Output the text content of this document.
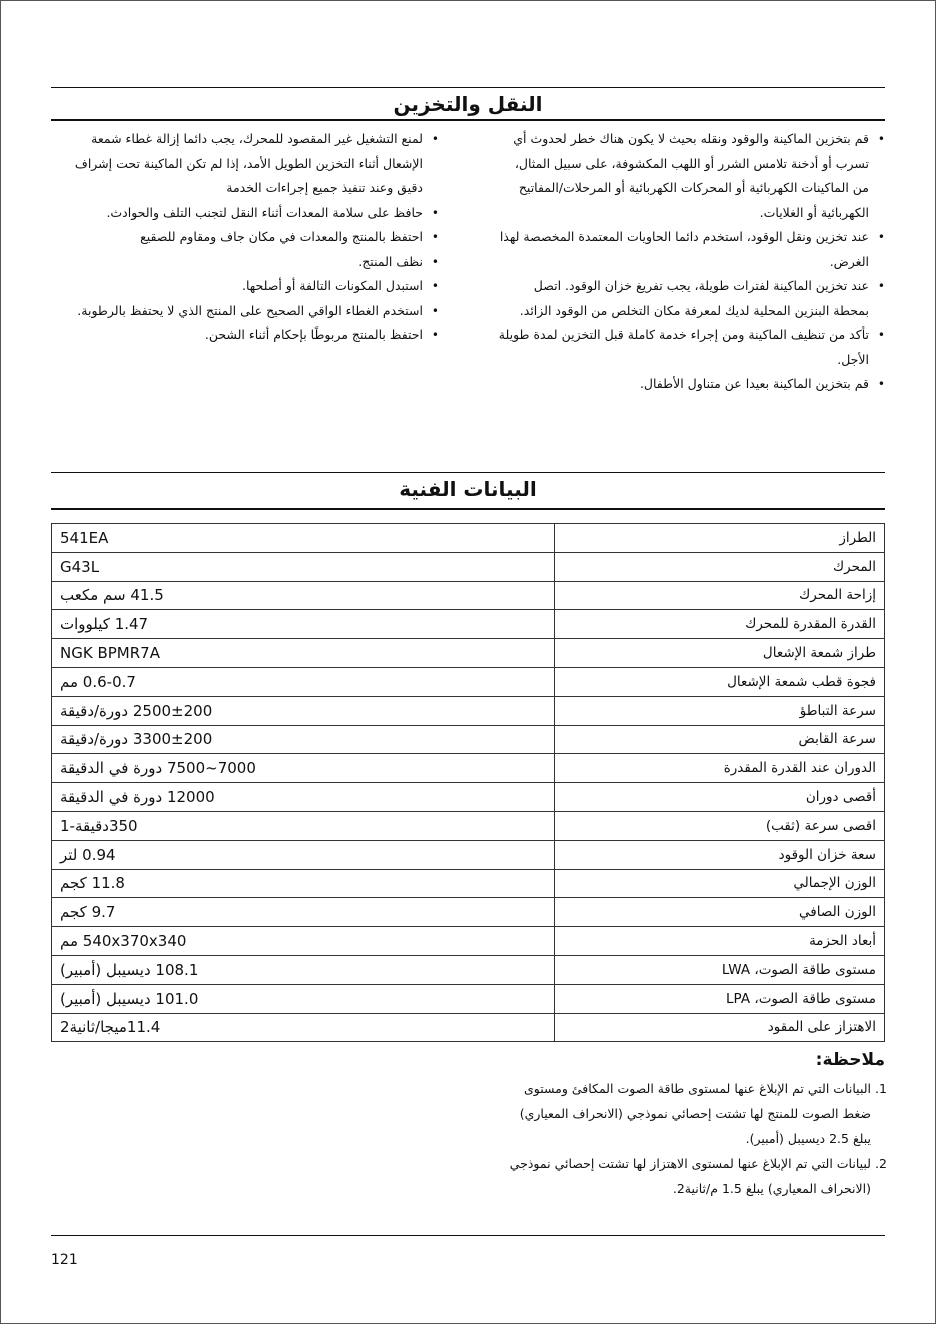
النقل والتخزين
• قم بتخزين الماكينة والوقود ونقله بحيث لا يكون هناك خطر لحدوث أي تسرب أو أدخنة تلامس الشرر أو اللهب المكشوفة، على سبيل المثال، من الماكينات الكهربائية أو المحركات الكهربائية أو المرحلات/المفاتيح الكهربائية أو الغلايات.
• عند تخزين ونقل الوقود، استخدم دائما الحاويات المعتمدة المخصصة لهذا الغرض.
• عند تخزين الماكينة لفترات طويلة، يجب تفريغ خزان الوقود. اتصل بمحطة البنزين المحلية لديك لمعرفة مكان التخلص من الوقود الزائد.
• تأكد من تنظيف الماكينة ومن إجراء خدمة كاملة قبل التخزين لمدة طويلة الأجل.
• قم بتخزين الماكينة بعيدا عن متناول الأطفال.
• لمنع التشغيل غير المقصود للمحرك، يجب دائما إزالة غطاء شمعة الإشعال أثناء التخزين الطويل الأمد، إذا لم تكن الماكينة تحت إشراف دقيق وعند تنفيذ جميع إجراءات الخدمة
• حافظ على سلامة المعدات أثناء النقل لتجنب التلف والحوادث.
• احتفظ بالمنتج والمعدات في مكان جاف ومقاوم للصقيع
• نظف المنتج.
• استبدل المكونات التالفة أو أصلحها.
• استخدم الغطاء الواقي الصحيح على المنتج الذي لا يحتفظ بالرطوبة.
• احتفظ بالمنتج مربوطًا بإحكام أثناء الشحن.
البيانات الفنية
الطراز	541EA
المحرك	G43L
إزاحة المحرك	41.5 سم مكعب
القدرة المقدرة للمحرك	1.47 كيلووات
طراز شمعة الإشعال	NGK BPMR7A
فجوة قطب شمعة الإشعال	0.6-0.7 مم
سرعة التباطؤ	2500±200 دورة/دقيقة
سرعة القابض	3300±200 دورة/دقيقة
الدوران عند القدرة المقدرة	7000~7500 دورة في الدقيقة
أقصى دوران	12000 دورة في الدقيقة
اقصى سرعة (ثقب)	350دقيقة-1
سعة خزان الوقود	0.94 لتر
الوزن الإجمالي	11.8 كجم
الوزن الصافي	9.7 كجم
أبعاد الحزمة	540x370x340 مم
مستوى طاقة الصوت، LWA	108.1 ديسيبل (أمبير)
مستوى طاقة الصوت، LPA	101.0 ديسيبل (أمبير)
الاهتزاز على المقود	11.4ميجا/ثانية2
ملاحظة:
1. البيانات التي تم الإبلاغ عنها لمستوى طاقة الصوت المكافئ ومستوى ضغط الصوت للمنتج لها تشتت إحصائي نموذجي (الانحراف المعياري) يبلغ 2.5 ديسيبل (أمبير).
2. لبيانات التي تم الإبلاغ عنها لمستوى الاهتزاز لها تشتت إحصائي نموذجي (الانحراف المعياري) يبلغ 1.5 م/ثانية2.
121
